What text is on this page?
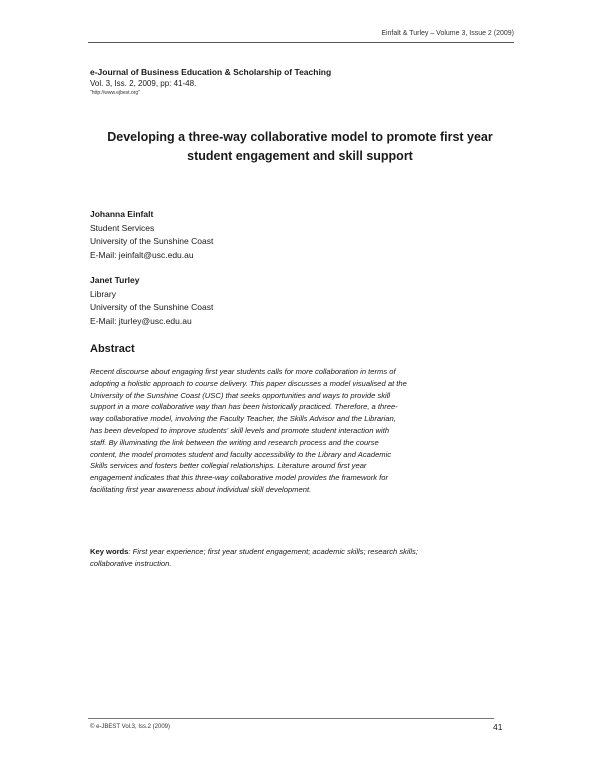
Einfalt & Turley – Volume 3, Issue 2 (2009)
e-Journal of Business Education & Scholarship of Teaching
Vol. 3, Iss. 2, 2009, pp: 41-48.
"http://www.ejbest.org"
Developing a three-way collaborative model to promote first year
student engagement and skill support
Johanna Einfalt
Student Services
University of the Sunshine Coast
E-Mail: jeinfalt@usc.edu.au
Janet Turley
Library
University of the Sunshine Coast
E-Mail: jturley@usc.edu.au
Abstract
Recent discourse about engaging first year students calls for more collaboration in terms of
adopting a holistic approach to course delivery. This paper discusses a model visualised at the
University of the Sunshine Coast (USC) that seeks opportunities and ways to provide skill
support in a more collaborative way than has been historically practiced. Therefore, a three-
way collaborative model, involving the Faculty Teacher, the Skills Advisor and the Librarian,
has been developed to improve students' skill levels and promote student interaction with
staff. By illuminating the link between the writing and research process and the course
content, the model promotes student and faculty accessibility to the Library and Academic
Skills services and fosters better collegial relationships. Literature around first year
engagement indicates that this three-way collaborative model provides the framework for
facilitating first year awareness about individual skill development.
Key words: First year experience; first year student engagement; academic skills; research skills;
collaborative instruction.
© e-JBEST Vol.3, Iss.2 (2009)	41
